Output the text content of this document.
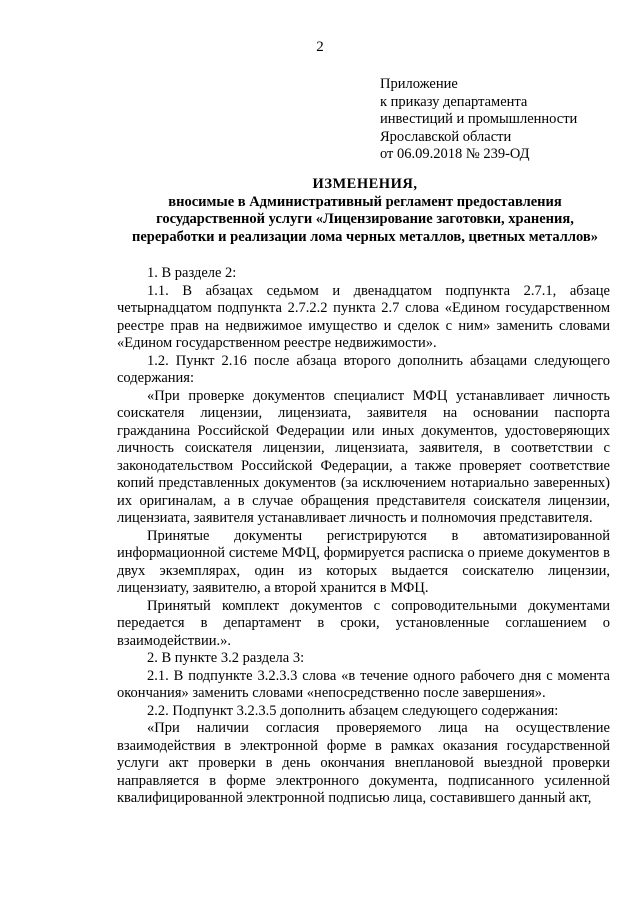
2
Приложение
к приказу департамента
инвестиций и промышленности
Ярославской области
от 06.09.2018 № 239-ОД
ИЗМЕНЕНИЯ,
вносимые в Административный регламент предоставления
государственной услуги «Лицензирование заготовки, хранения,
переработки и реализации лома черных металлов, цветных металлов»

1. В разделе 2:

1.1. В абзацах седьмом и двенадцатом подпункта 2.7.1, абзаце четырнадцатом подпункта 2.7.2.2 пункта 2.7 слова «Едином государственном реестре прав на недвижимое имущество и сделок с ним» заменить словами «Едином государственном реестре недвижимости».

1.2. Пункт 2.16 после абзаца второго дополнить абзацами следующего содержания:

«При проверке документов специалист МФЦ устанавливает личность соискателя лицензии, лицензиата, заявителя на основании паспорта гражданина Российской Федерации или иных документов, удостоверяющих личность соискателя лицензии, лицензиата, заявителя, в соответствии с законодательством Российской Федерации, а также проверяет соответствие копий представленных документов (за исключением нотариально заверенных) их оригиналам, а в случае обращения представителя соискателя лицензии, лицензиата, заявителя устанавливает личность и полномочия представителя.

Принятые документы регистрируются в автоматизированной информационной системе МФЦ, формируется расписка о приеме документов в двух экземплярах, один из которых выдается соискателю лицензии, лицензиату, заявителю, а второй хранится в МФЦ.

Принятый комплект документов с сопроводительными документами передается в департамент в сроки, установленные соглашением о взаимодействии.».

2. В пункте 3.2 раздела 3:

2.1. В подпункте 3.2.3.3 слова «в течение одного рабочего дня с момента окончания» заменить словами «непосредственно после завершения».

2.2. Подпункт 3.2.3.5 дополнить абзацем следующего содержания:

«При наличии согласия проверяемого лица на осуществление взаимодействия в электронной форме в рамках оказания государственной услуги акт проверки в день окончания внеплановой выездной проверки направляется в форме электронного документа, подписанного усиленной квалифицированной электронной подписью лица, составившего данный акт,
